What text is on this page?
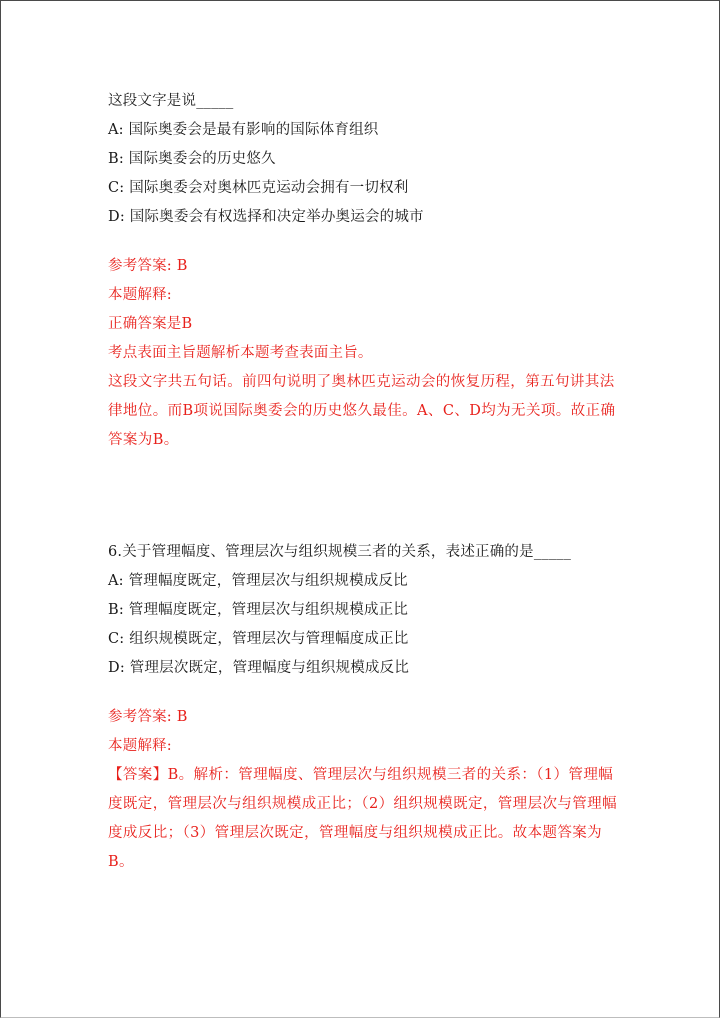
这段文字是说_____
A: 国际奥委会是最有影响的国际体育组织
B: 国际奥委会的历史悠久
C: 国际奥委会对奥林匹克运动会拥有一切权利
D: 国际奥委会有权选择和决定举办奥运会的城市
参考答案: B
本题解释:
正确答案是B
考点表面主旨题解析本题考查表面主旨。
这段文字共五句话。前四句说明了奥林匹克运动会的恢复历程，第五句讲其法
律地位。而B项说国际奥委会的历史悠久最佳。A、C、D均为无关项。故正确
答案为B。
6.关于管理幅度、管理层次与组织规模三者的关系，表述正确的是_____
A: 管理幅度既定，管理层次与组织规模成反比
B: 管理幅度既定，管理层次与组织规模成正比
C: 组织规模既定，管理层次与管理幅度成正比
D: 管理层次既定，管理幅度与组织规模成反比
参考答案: B
本题解释:
【答案】B。解析：管理幅度、管理层次与组织规模三者的关系：（1）管理幅
度既定，管理层次与组织规模成正比；（2）组织规模既定，管理层次与管理幅
度成反比；（3）管理层次既定，管理幅度与组织规模成正比。故本题答案为
B。
